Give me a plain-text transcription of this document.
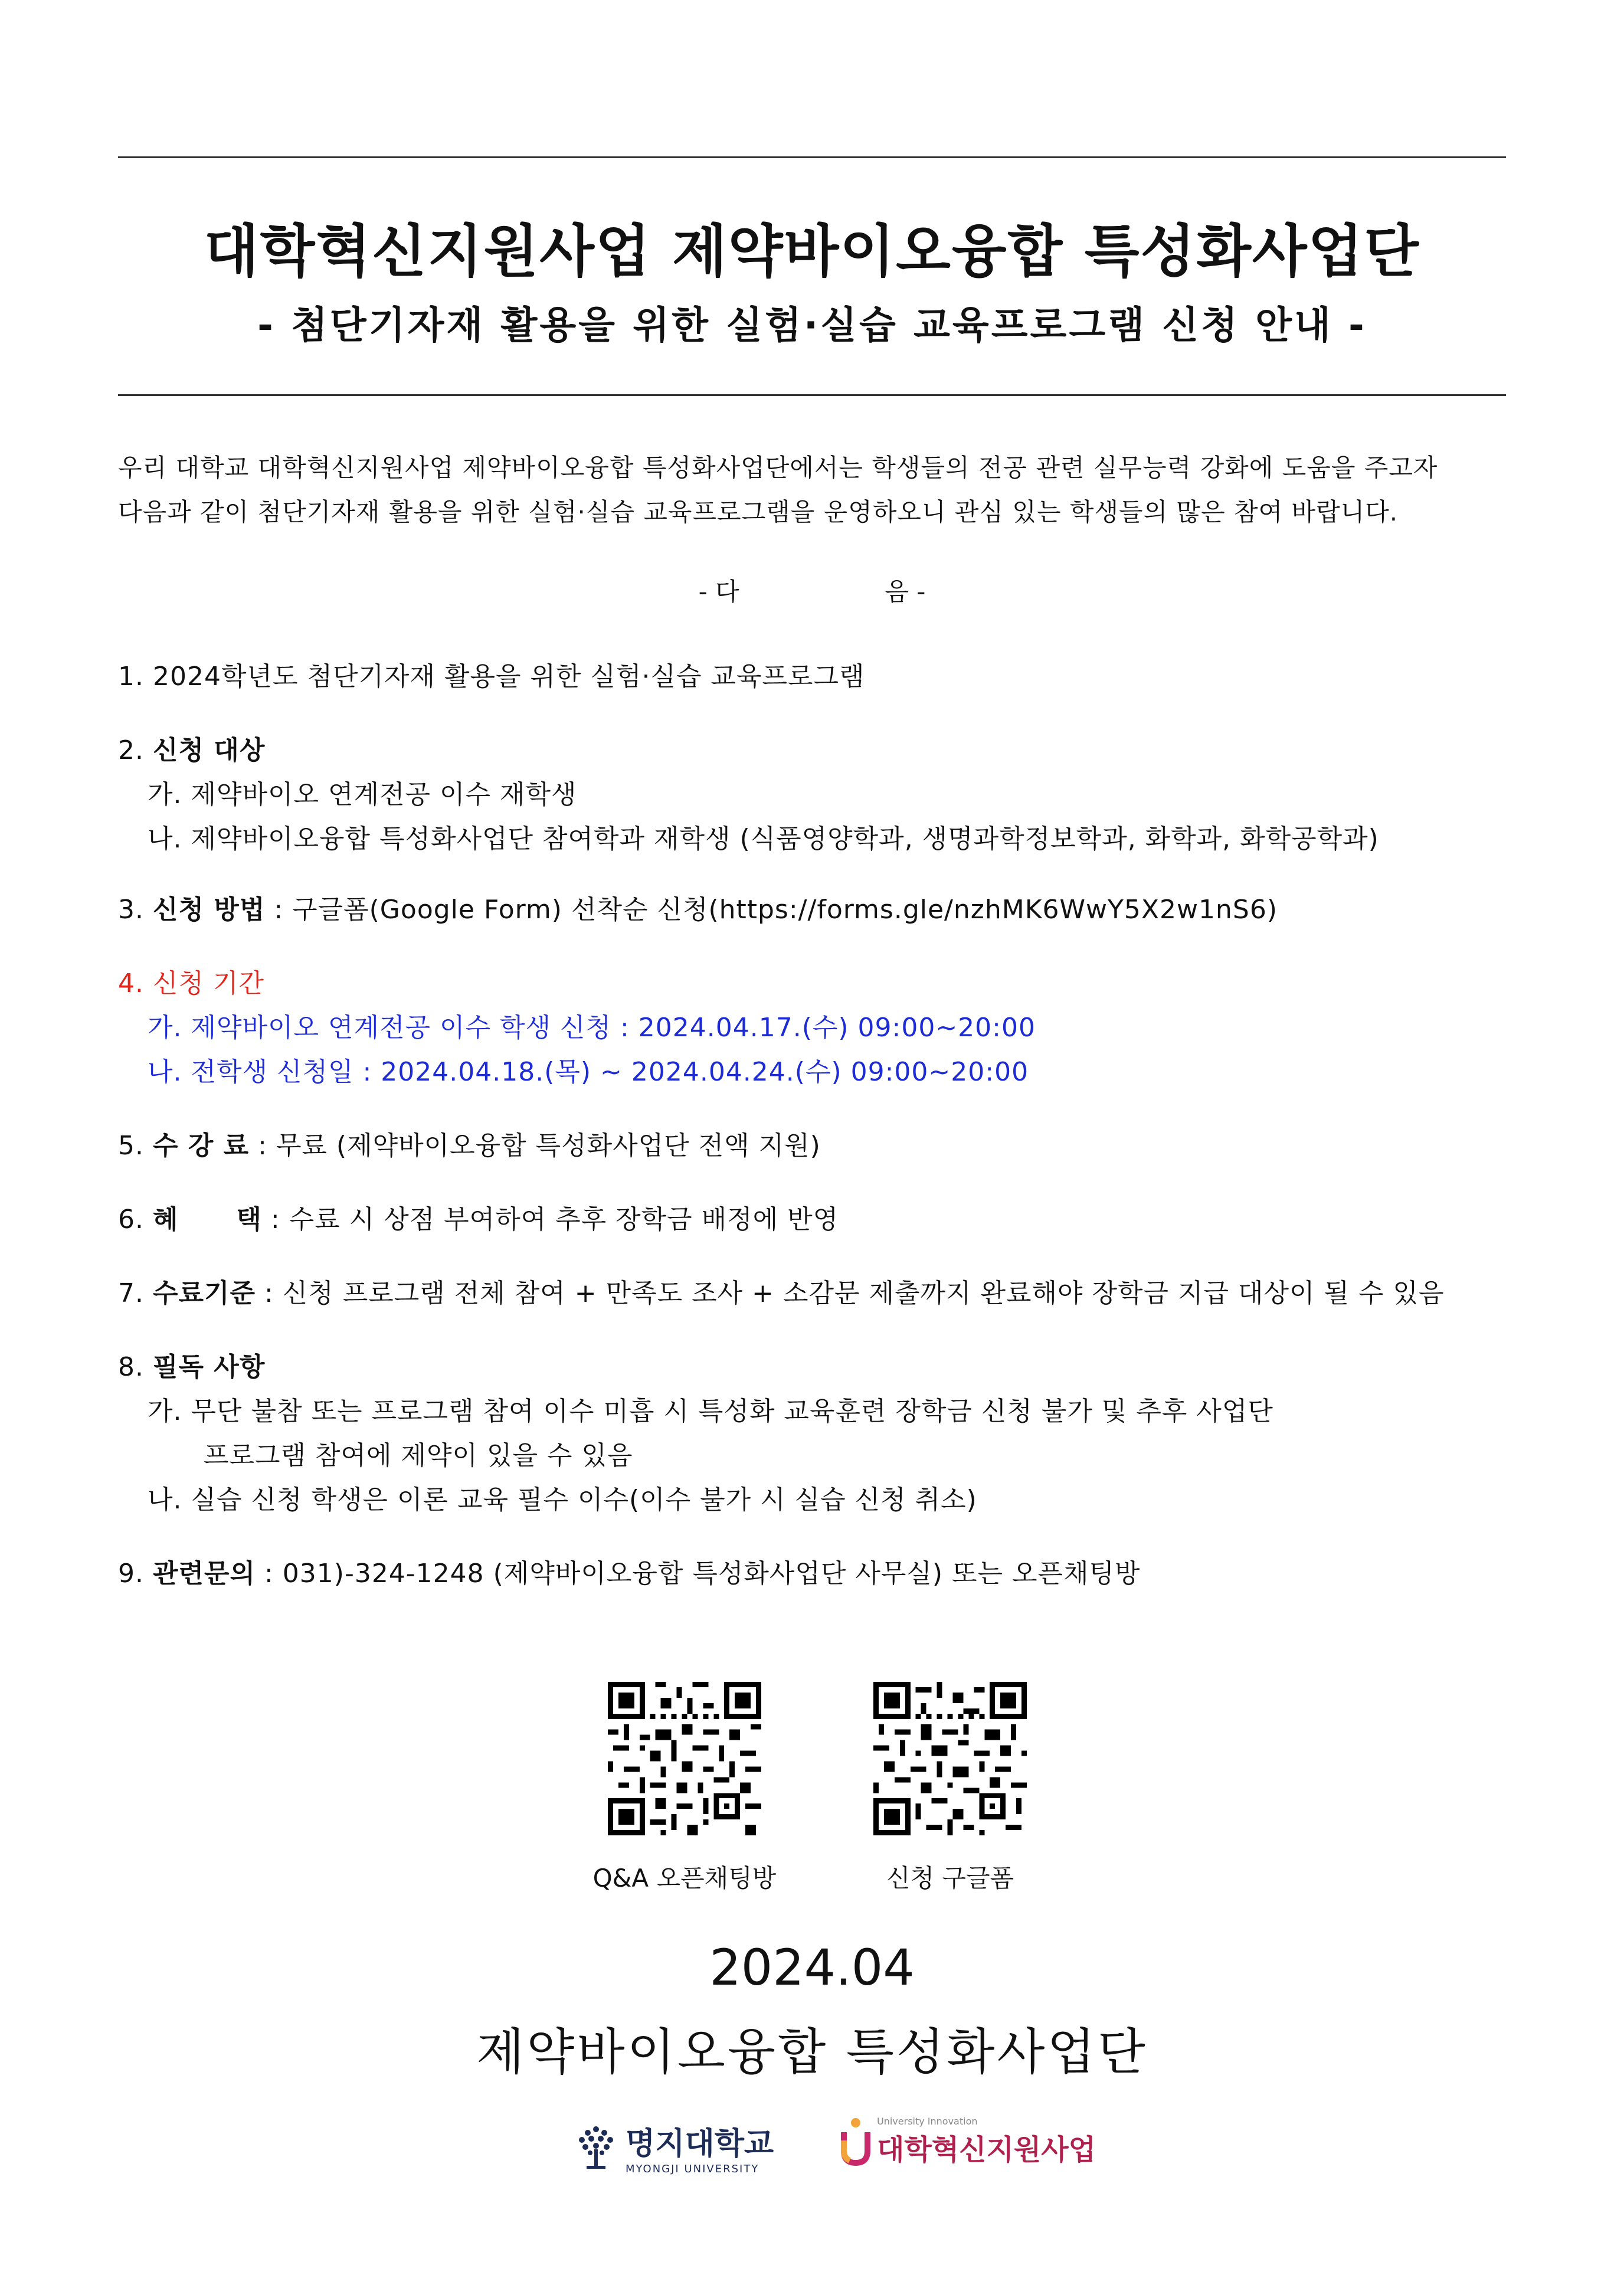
대학혁신지원사업 제약바이오융합 특성화사업단
- 첨단기자재 활용을 위한 실험·실습 교육프로그램 신청 안내 -
우리 대학교 대학혁신지원사업 제약바이오융합 특성화사업단에서는 학생들의 전공 관련 실무능력 강화에 도움을 주고자
다음과 같이 첨단기자재 활용을 위한 실험·실습 교육프로그램을 운영하오니 관심 있는 학생들의 많은 참여 바랍니다.
- 다	음 -
1. 2024학년도 첨단기자재 활용을 위한 실험·실습 교육프로그램
2. 신청 대상
가. 제약바이오 연계전공 이수 재학생
나. 제약바이오융합 특성화사업단 참여학과 재학생 (식품영양학과, 생명과학정보학과, 화학과, 화학공학과)
3. 신청 방법 : 구글폼(Google Form) 선착순 신청(https://forms.gle/nzhMK6WwY5X2w1nS6)
4. 신청 기간
가. 제약바이오 연계전공 이수 학생 신청 : 2024.04.17.(수) 09:00~20:00
나. 전학생 신청일 : 2024.04.18.(목) ~ 2024.04.24.(수) 09:00~20:00
5. 수 강 료 : 무료 (제약바이오융합 특성화사업단 전액 지원)
6. 혜      택 : 수료 시 상점 부여하여 추후 장학금 배정에 반영
7. 수료기준 : 신청 프로그램 전체 참여 + 만족도 조사 + 소감문 제출까지 완료해야 장학금 지급 대상이 될 수 있음
8. 필독 사항
가. 무단 불참 또는 프로그램 참여 이수 미흡 시 특성화 교육훈련 장학금 신청 불가 및 추후 사업단
프로그램 참여에 제약이 있을 수 있음
나. 실습 신청 학생은 이론 교육 필수 이수(이수 불가 시 실습 신청 취소)
9. 관련문의 : 031)-324-1248 (제약바이오융합 특성화사업단 사무실) 또는 오픈채팅방
Q&A 오픈채팅방	신청 구글폼
2024.04
제약바이오융합 특성화사업단
명지대학교
MYONGJI UNIVERSITY
University Innovation
대학혁신지원사업
